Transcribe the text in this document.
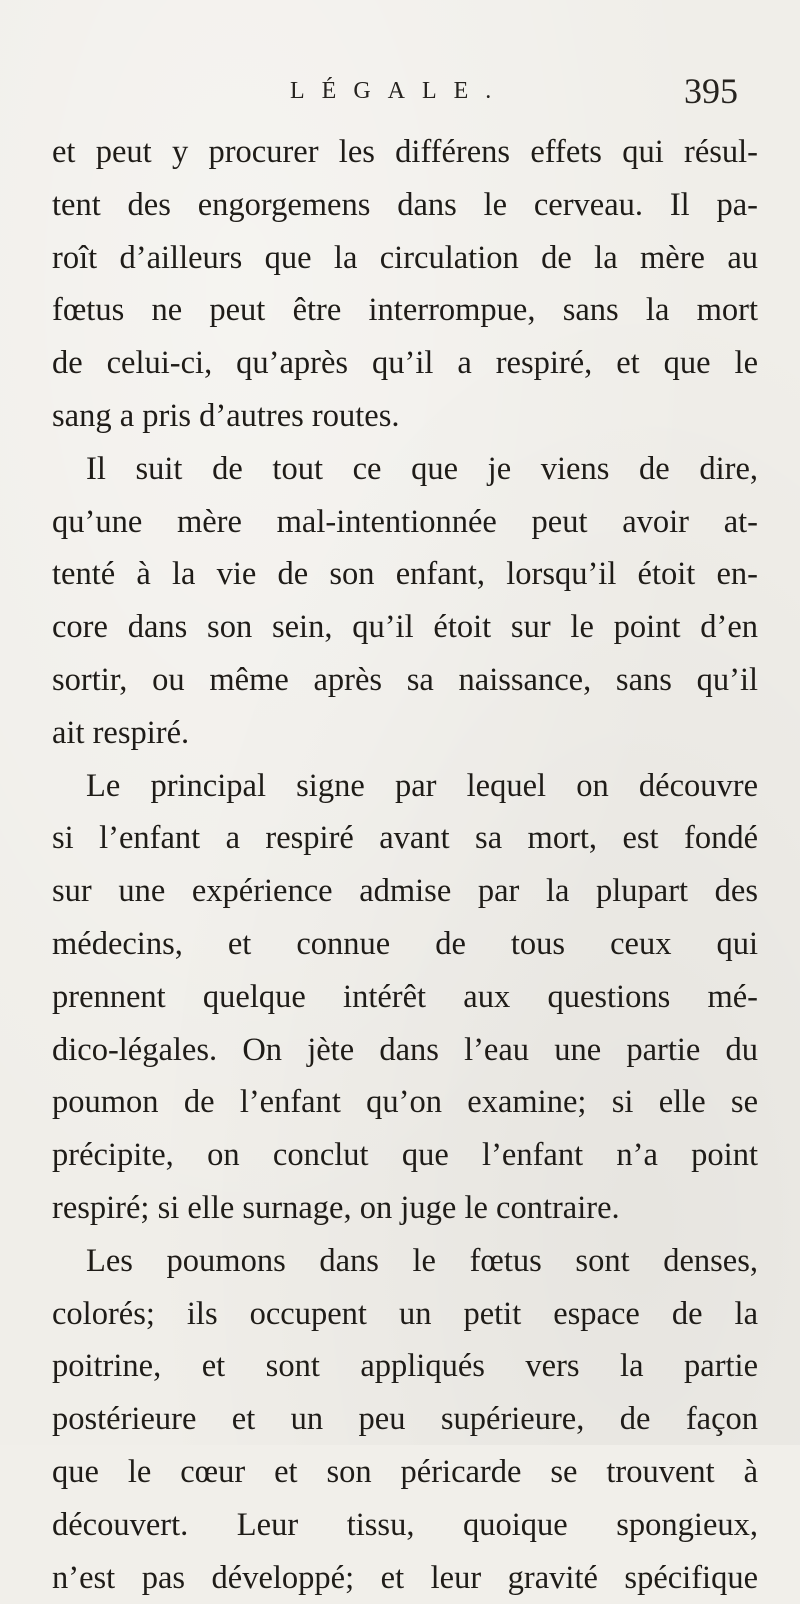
LÉGALE.	395
et peut y procurer les différens effets qui résul-
tent des engorgemens dans le cerveau. Il pa-
roît d’ailleurs que la circulation de la mère au
fœtus ne peut être interrompue, sans la mort
de celui-ci, qu’après qu’il a respiré, et que le
sang a pris d’autres routes.
Il suit de tout ce que je viens de dire,
qu’une mère mal-intentionnée peut avoir at-
tenté à la vie de son enfant, lorsqu’il étoit en-
core dans son sein, qu’il étoit sur le point d’en
sortir, ou même après sa naissance, sans qu’il
ait respiré.
Le principal signe par lequel on découvre
si l’enfant a respiré avant sa mort, est fondé
sur une expérience admise par la plupart des
médecins, et connue de tous ceux qui
prennent quelque intérêt aux questions mé-
dico-légales. On jète dans l’eau une partie du
poumon de l’enfant qu’on examine; si elle se
précipite, on conclut que l’enfant n’a point
respiré; si elle surnage, on juge le contraire.
Les poumons dans le fœtus sont denses,
colorés; ils occupent un petit espace de la
poitrine, et sont appliqués vers la partie
postérieure et un peu supérieure, de façon
que le cœur et son péricarde se trouvent à
découvert. Leur tissu, quoique spongieux,
n’est pas développé; et leur gravité spécifique
